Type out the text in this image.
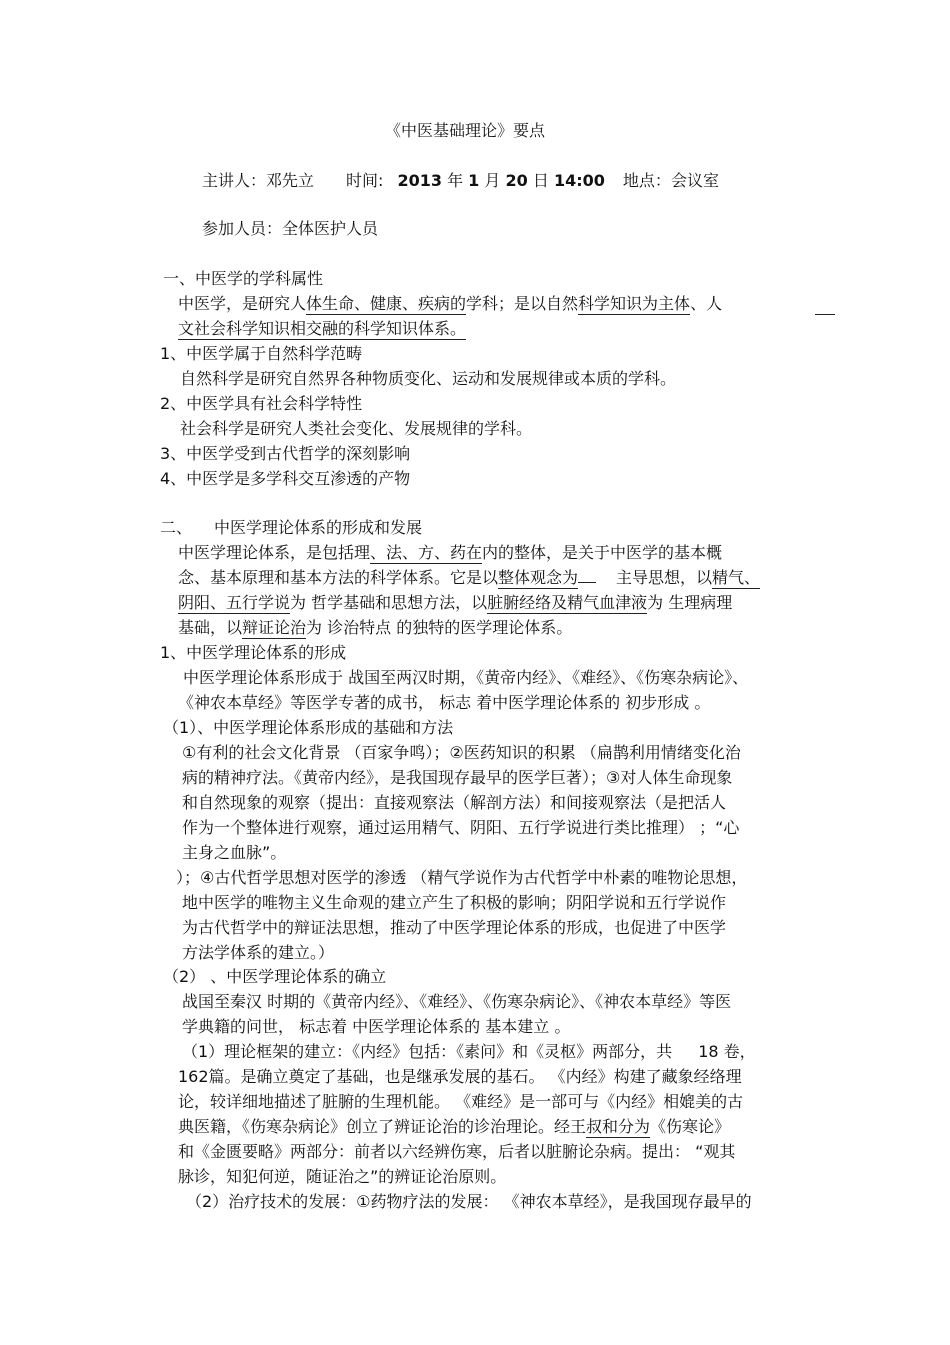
《中医基础理论》要点
主讲人：邓先立 时间: 2013 年 1 月 20 日 14:00 地点：会议室
参加人员：全体医护人员
一、中医学的学科属性
中医学，是研究人体生命、健康、疾病的学科；是以自然科学知识为主体、人
文社会科学知识相交融的科学知识体系。
1、中医学属于自然科学范畴
自然科学是研究自然界各种物质变化、运动和发展规律或本质的学科。
2、中医学具有社会科学特性
社会科学是研究人类社会变化、发展规律的学科。
3、中医学受到古代哲学的深刻影响
4、中医学是多学科交互渗透的产物
二、 中医学理论体系的形成和发展
中医学理论体系，是包括理、法、方、药在内的整体，是关于中医学的基本概
念、基本原理和基本方法的科学体系。它是以整体观念为 主导思想，以精气、
阴阳、五行学说为 哲学基础和思想方法，以脏腑经络及精气血津液为 生理病理
基础，以辩证论治为 诊治特点 的独特的医学理论体系。
1、中医学理论体系的形成
中医学理论体系形成于 战国至两汉时期，《黄帝内经》、《难经》、《伤寒杂病论》、
《神农本草经》等医学专著的成书， 标志 着中医学理论体系的 初步形成 。
（1）、中医学理论体系形成的基础和方法
①有利的社会文化背景 （百家争鸣）；②医药知识的积累 （扁鹊利用情绪变化治
病的精神疗法。《黄帝内经》，是我国现存最早的医学巨著）；③对人体生命现象
和自然现象的观察（提出：直接观察法（解剖方法）和间接观察法（是把活人
作为一个整体进行观察，通过运用精气、阴阳、五行学说进行类比推理） ；“心
主身之血脉”。
）；④古代哲学思想对医学的渗透 （精气学说作为古代哲学中朴素的唯物论思想，
地中医学的唯物主义生命观的建立产生了积极的影响；阴阳学说和五行学说作
为古代哲学中的辩证法思想，推动了中医学理论体系的形成，也促进了中医学
方法学体系的建立。）
（2） 、中医学理论体系的确立
战国至秦汉 时期的《黄帝内经》、《难经》、《伤寒杂病论》、《神农本草经》等医
学典籍的问世， 标志着 中医学理论体系的 基本建立 。
（1）理论框架的建立：《内经》包括：《素问》和《灵枢》两部分，共 18 卷，
162篇。是确立奠定了基础，也是继承发展的基石。 《内经》构建了藏象经络理
论，较详细地描述了脏腑的生理机能。 《难经》是一部可与《内经》相媲美的古
典医籍，《伤寒杂病论》创立了辨证论治的诊治理论。经王叔和分为《伤寒论》
和《金匮要略》两部分：前者以六经辨伤寒，后者以脏腑论杂病。提出： “观其
脉诊，知犯何逆，随证治之”的辨证论治原则。
（2）治疗技术的发展：①药物疗法的发展： 《神农本草经》，是我国现存最早的
